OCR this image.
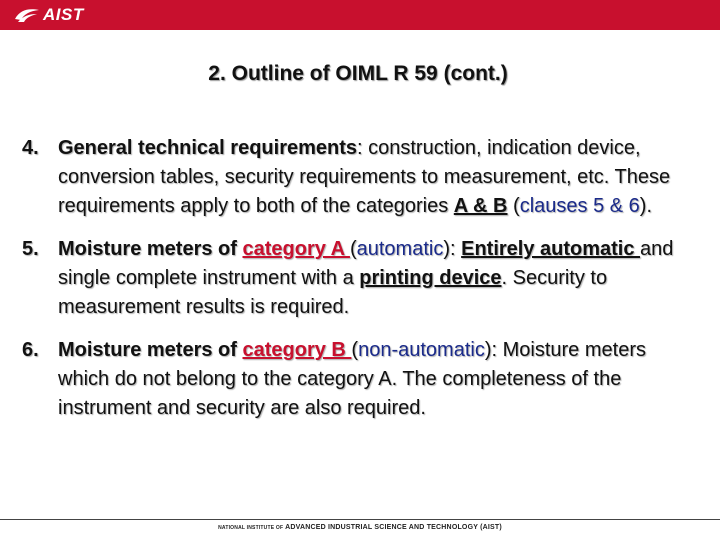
AIST
2. Outline of OIML R 59 (cont.)
4. General technical requirements: construction, indication device, conversion tables, security requirements to measurement, etc. These requirements apply to both of the categories A & B (clauses 5 & 6).
5. Moisture meters of category A (automatic): Entirely automatic and single complete instrument with a printing device. Security to measurement results is required.
6. Moisture meters of category B (non-automatic): Moisture meters which do not belong to the category A. The completeness of the instrument and security are also required.
NATIONAL INSTITUTE OF ADVANCED INDUSTRIAL SCIENCE AND TECHNOLOGY (AIST)
